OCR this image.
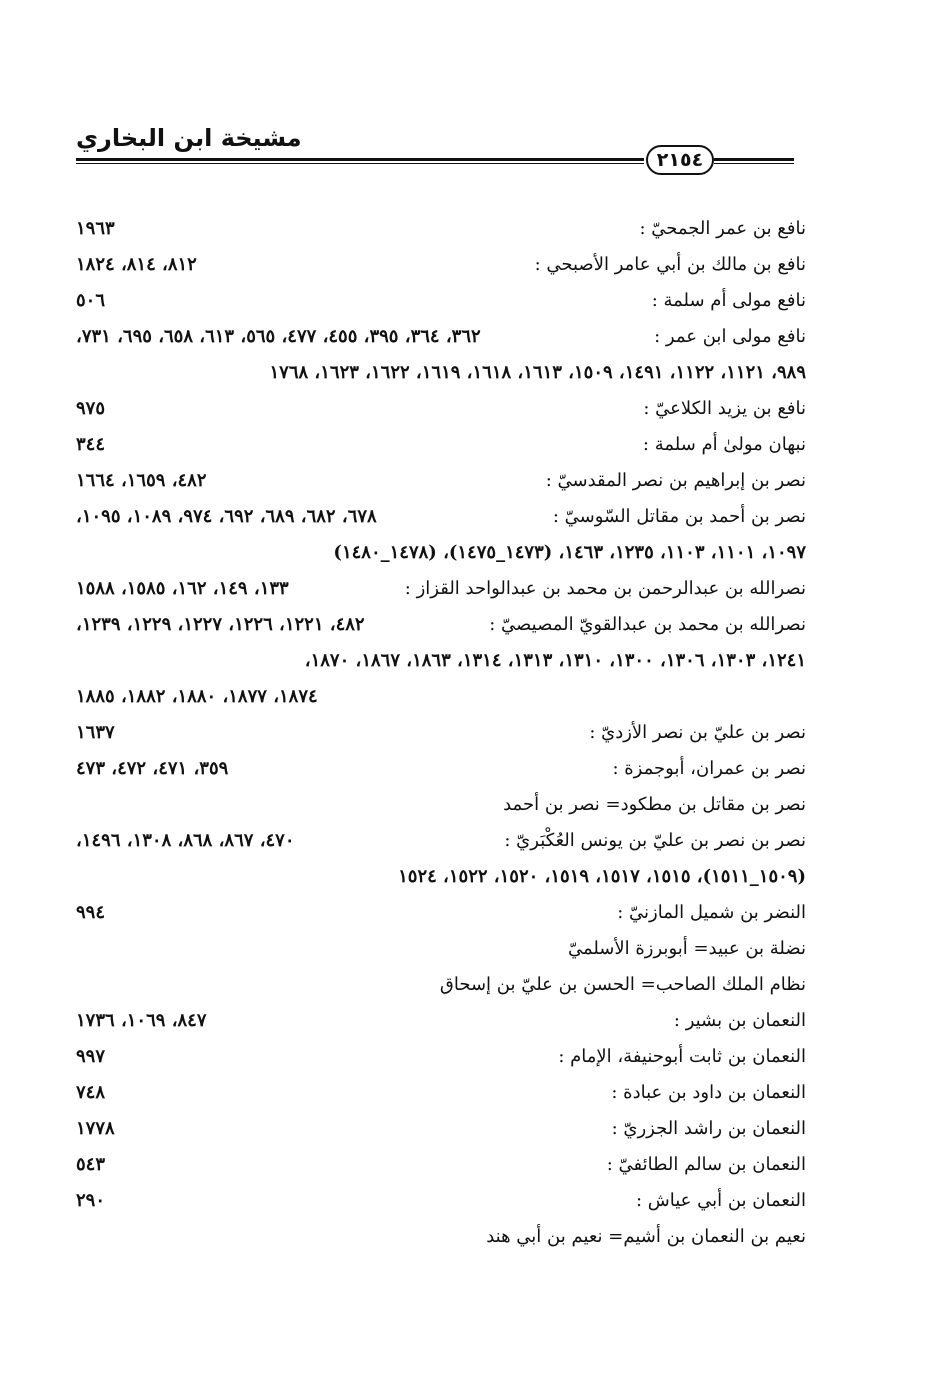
مشيخة ابن البخاري
٢١٥٤
نافع بن عمر الجمحيّ :
١٩٦٣
نافع بن مالك بن أبي عامر الأصبحي :
٨١٢، ٨١٤، ١٨٢٤
نافع مولى أم سلمة :
٥٠٦
نافع مولى ابن عمر :
٣٦٢، ٣٦٤، ٣٩٥، ٤٥٥، ٤٧٧، ٥٦٥، ٦١٣، ٦٥٨، ٦٩٥، ٧٣١،
٩٨٩، ١١٢١، ١١٢٢، ١٤٩١، ١٥٠٩، ١٦١٣، ١٦١٨، ١٦١٩، ١٦٢٢، ١٦٢٣، ١٧٦٨
نافع بن يزيد الكلاعيّ :
٩٧٥
نبهان مولىٰ أم سلمة :
٣٤٤
نصر بن إبراهيم بن نصر المقدسيّ :
٤٨٢، ١٦٥٩، ١٦٦٤
نصر بن أحمد بن مقاتل السّوسيّ :
٦٧٨، ٦٨٢، ٦٨٩، ٦٩٢، ٩٧٤، ١٠٨٩، ١٠٩٥،
١٠٩٧، ١١٠١، ١١٠٣، ١٢٣٥، ١٤٦٣، (١٤٧٣_١٤٧٥)، (١٤٧٨_١٤٨٠)
نصرالله بن عبدالرحمن بن محمد بن عبدالواحد القزاز :
١٣٣، ١٤٩، ١٦٢، ١٥٨٥، ١٥٨٨
نصرالله بن محمد بن عبدالقويّ المصيصيّ :
٤٨٢، ١٢٢١، ١٢٢٦، ١٢٢٧، ١٢٢٩، ١٢٣٩،
١٢٤١، ١٣٠٣، ١٣٠٦، ١٣٠٠، ١٣١٠، ١٣١٣، ١٣١٤، ١٨٦٣، ١٨٦٧، ١٨٧٠،
١٨٧٤، ١٨٧٧، ١٨٨٠، ١٨٨٢، ١٨٨٥
نصر بن عليّ بن نصر الأزديّ :
١٦٣٧
نصر بن عمران، أبوجمزة :
٣٥٩، ٤٧١، ٤٧٢، ٤٧٣
نصر بن مقاتل بن مطكود= نصر بن أحمد
نصر بن نصر بن عليّ بن يونس العُكْبَريّ :
٤٧٠، ٨٦٧، ٨٦٨، ١٣٠٨، ١٤٩٦،
(١٥٠٩_١٥١١)، ١٥١٥، ١٥١٧، ١٥١٩، ١٥٢٠، ١٥٢٢، ١٥٢٤
النضر بن شميل المازنيّ :
٩٩٤
نضلة بن عبيد= أبوبرزة الأسلميّ
نظام الملك الصاحب= الحسن بن عليّ بن إسحاق
النعمان بن بشير :
٨٤٧، ١٠٦٩، ١٧٣٦
النعمان بن ثابت أبوحنيفة، الإمام :
٩٩٧
النعمان بن داود بن عبادة :
٧٤٨
النعمان بن راشد الجزريّ :
١٧٧٨
النعمان بن سالم الطائفيّ :
٥٤٣
النعمان بن أبي عياش :
٢٩٠
نعيم بن النعمان بن أشيم= نعيم بن أبي هند
